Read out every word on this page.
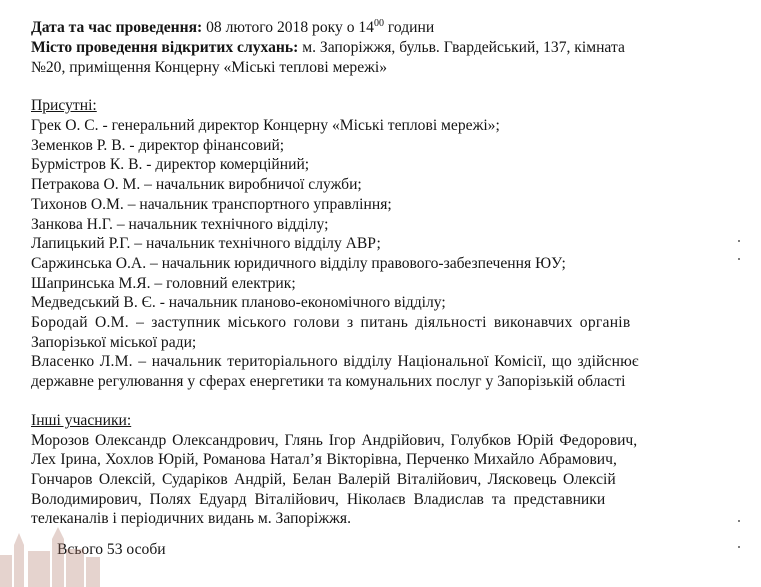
Дата та час проведення: 08 лютого 2018 року о $14^{00}$ години
Місто проведення відкритих слухань: м. Запоріжжя, бульв. Гвардейський, 137, кімната
№20, приміщення Концерну «Міські теплові мережі»
Присутні:
Грек О. С. - генеральний директор Концерну «Міські теплові мережі»;
Земенков Р. В. - директор фінансовий;
Бурмістров К. В. - директор комерційний;
Петракова О. М. – начальник виробничої служби;
Тихонов О.М. – начальник транспортного управління;
Занкова Н.Г. – начальник технічного відділу;
Лапицький Р.Г. – начальник технічного відділу АВР;
Саржинська О.А. – начальник юридичного відділу правового-забезпечення ЮУ;
Шапринська М.Я. – головний електрик;
Медведський В. Є. - начальник планово-економічного відділу;
Бородай О.М. – заступник міського голови з питань діяльності виконавчих органів
Запорізької міської ради;
Власенко Л.М. – начальник територіального відділу Національної Комісії, що здійснює
державне регулювання у сферах енергетики та комунальних послуг у Запорізькій області
Інші учасники:
Морозов Олександр Олександрович, Глянь Ігор Андрійович, Голубков Юрій Федорович,
Лех Ірина, Хохлов Юрій, Романова Натал’я Вікторівна, Перченко Михайло Абрамович,
Гончаров Олексій, Сударіков Андрій, Белан Валерій Віталійович, Лясковець Олексій
Володимирович, Полях Едуард Віталійович, Ніколаєв Владислав та представники
телеканалів і періодичних видань м. Запоріжжя.
Всього 53 особи
